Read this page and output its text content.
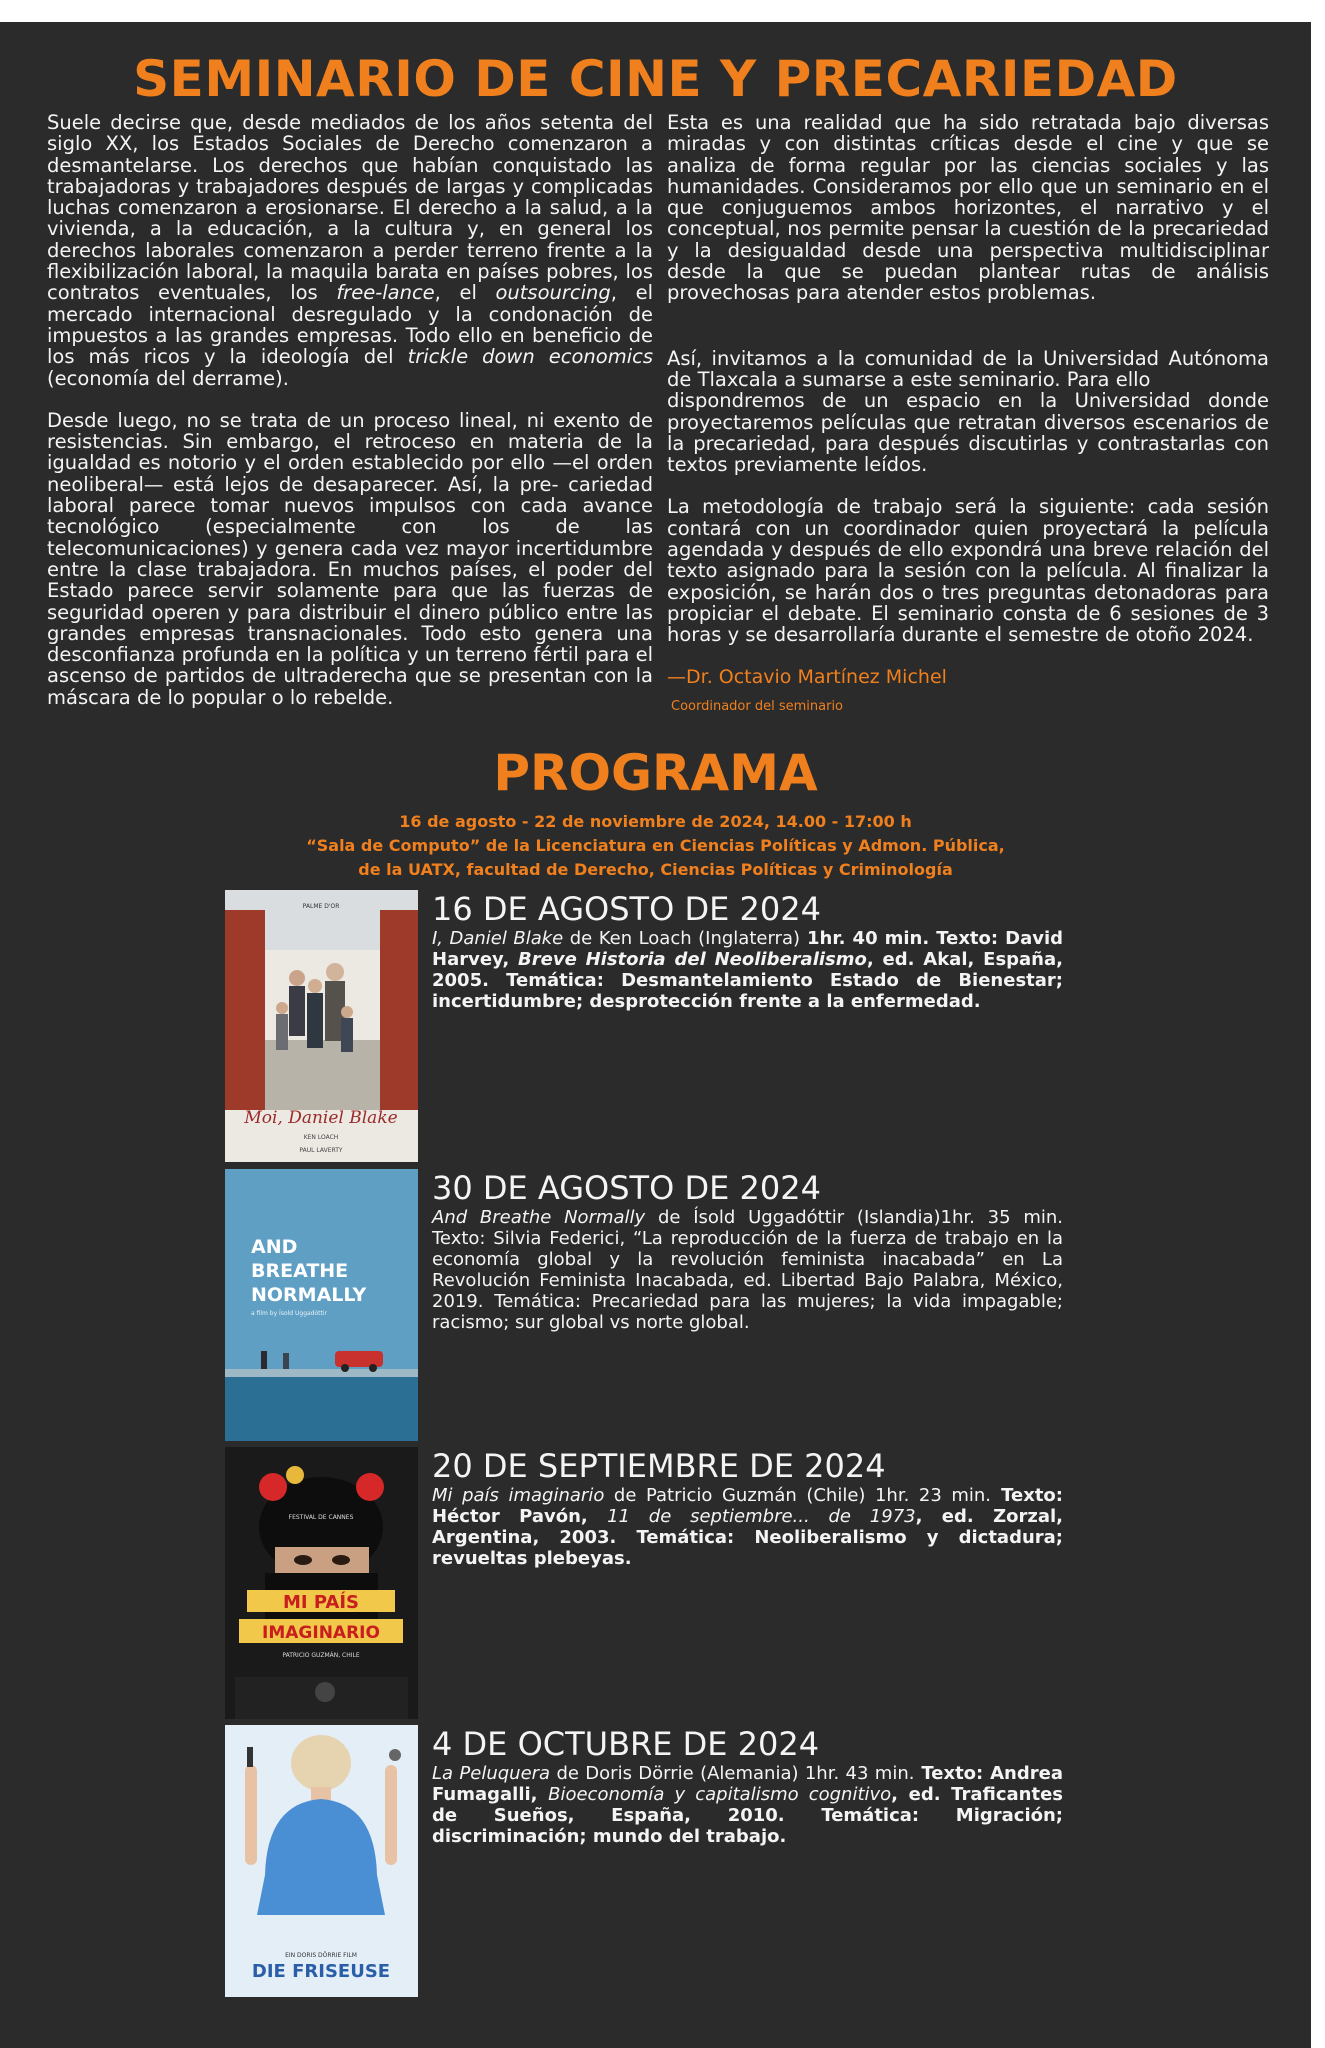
SEMINARIO DE CINE Y PRECARIEDAD

Suele decirse que, desde mediados de los años setenta del siglo XX, los Estados Sociales de Derecho comenzaron a desmantelarse. Los derechos que habían conquistado las trabajadoras y trabajadores después de largas y complicadas luchas comenzaron a erosionarse. El derecho a la salud, a la vivienda, a la educación, a la cultura y, en general los derechos laborales comenzaron a perder terreno frente a la flexibilización laboral, la maquila barata en países pobres, los contratos eventuales, los free-lance, el outsourcing, el mercado internacional desregulado y la condonación de impuestos a las grandes empresas. Todo ello en beneficio de los más ricos y la ideología del trickle down economics (economía del derrame).

Desde luego, no se trata de un proceso lineal, ni exento de resistencias. Sin embargo, el retroceso en materia de la igualdad es notorio y el orden establecido por ello —el orden neoliberal— está lejos de desaparecer. Así, la pre- cariedad laboral parece tomar nuevos impulsos con cada avance tecnológico (especialmente con los de las telecomunicaciones) y genera cada vez mayor incertidumbre entre la clase trabajadora. En muchos países, el poder del Estado parece servir solamente para que las fuerzas de seguridad operen y para distribuir el dinero público entre las grandes empresas transnacionales. Todo esto genera una desconfianza profunda en la política y un terreno fértil para el ascenso de partidos de ultraderecha que se presentan con la máscara de lo popular o lo rebelde.

Esta es una realidad que ha sido retratada bajo diversas miradas y con distintas críticas desde el cine y que se analiza de forma regular por las ciencias sociales y las humanidades. Consideramos por ello que un seminario en el que conjuguemos ambos horizontes, el narrativo y el conceptual, nos permite pensar la cuestión de la precariedad y la desigualdad desde una perspectiva multidisciplinar desde la que se puedan plantear rutas de análisis provechosas para atender estos problemas.

Así, invitamos a la comunidad de la Universidad Autónoma de Tlaxcala a sumarse a este seminario. Para ello
dispondremos de un espacio en la Universidad donde proyectaremos películas que retratan diversos escenarios de la precariedad, para después discutirlas y contrastarlas con textos previamente leídos.

La metodología de trabajo será la siguiente: cada sesión contará con un coordinador quien proyectará la película agendada y después de ello expondrá una breve relación del texto asignado para la sesión con la película. Al finalizar la exposición, se harán dos o tres preguntas detonadoras para propiciar el debate. El seminario consta de 6 sesiones de 3 horas y se desarrollaría durante el semestre de otoño 2024.

—Dr. Octavio Martínez Michel
Coordinador del seminario
PROGRAMA

16 de agosto - 22 de noviembre de 2024, 14.00 - 17:00 h

“Sala de Computo” de la Licenciatura en Ciencias Políticas y Admon. Pública,

de la UATX, facultad de Derecho, Ciencias Políticas y Criminología

PALME D'OR
Moi, Daniel Blake
KEN LOACH
PAUL LAVERTY
16 DE AGOSTO DE 2024

I, Daniel Blake de Ken Loach (Inglaterra) 1hr. 40 min. Texto: David Harvey, Breve Historia del Neoliberalismo, ed. Akal, España, 2005. Temática: Desmantelamiento Estado de Bienestar; incertidumbre; desprotección frente a la enfermedad.

AND
BREATHE
NORMALLY
a film by Ísold Uggadóttir
30 DE AGOSTO DE 2024

And Breathe Normally de Ísold Uggadóttir (Islandia)1hr. 35 min. Texto: Silvia Federici, “La reproducción de la fuerza de trabajo en la economía global y la revolución feminista inacabada” en La Revolución Feminista Inacabada, ed. Libertad Bajo Palabra, México, 2019. Temática: Precariedad para las mujeres; la vida impagable; racismo; sur global vs norte global.

FESTIVAL DE CANNES
MI PAÍS
IMAGINARIO
PATRICIO GUZMÁN, CHILE
20 DE SEPTIEMBRE DE 2024

Mi país imaginario de Patricio Guzmán (Chile) 1hr. 23 min. Texto: Héctor Pavón, 11 de septiembre... de 1973, ed. Zorzal, Argentina, 2003. Temática: Neoliberalismo y dictadura; revueltas plebeyas.

EIN DORIS DÖRRIE FILM
DIE FRISEUSE
4 DE OCTUBRE DE 2024

La Peluquera de Doris Dörrie (Alemania) 1hr. 43 min. Texto: Andrea Fumagalli, Bioeconomía y capitalismo cognitivo, ed. Traficantes de Sueños, España, 2010. Temática: Migración; discriminación; mundo del trabajo.
